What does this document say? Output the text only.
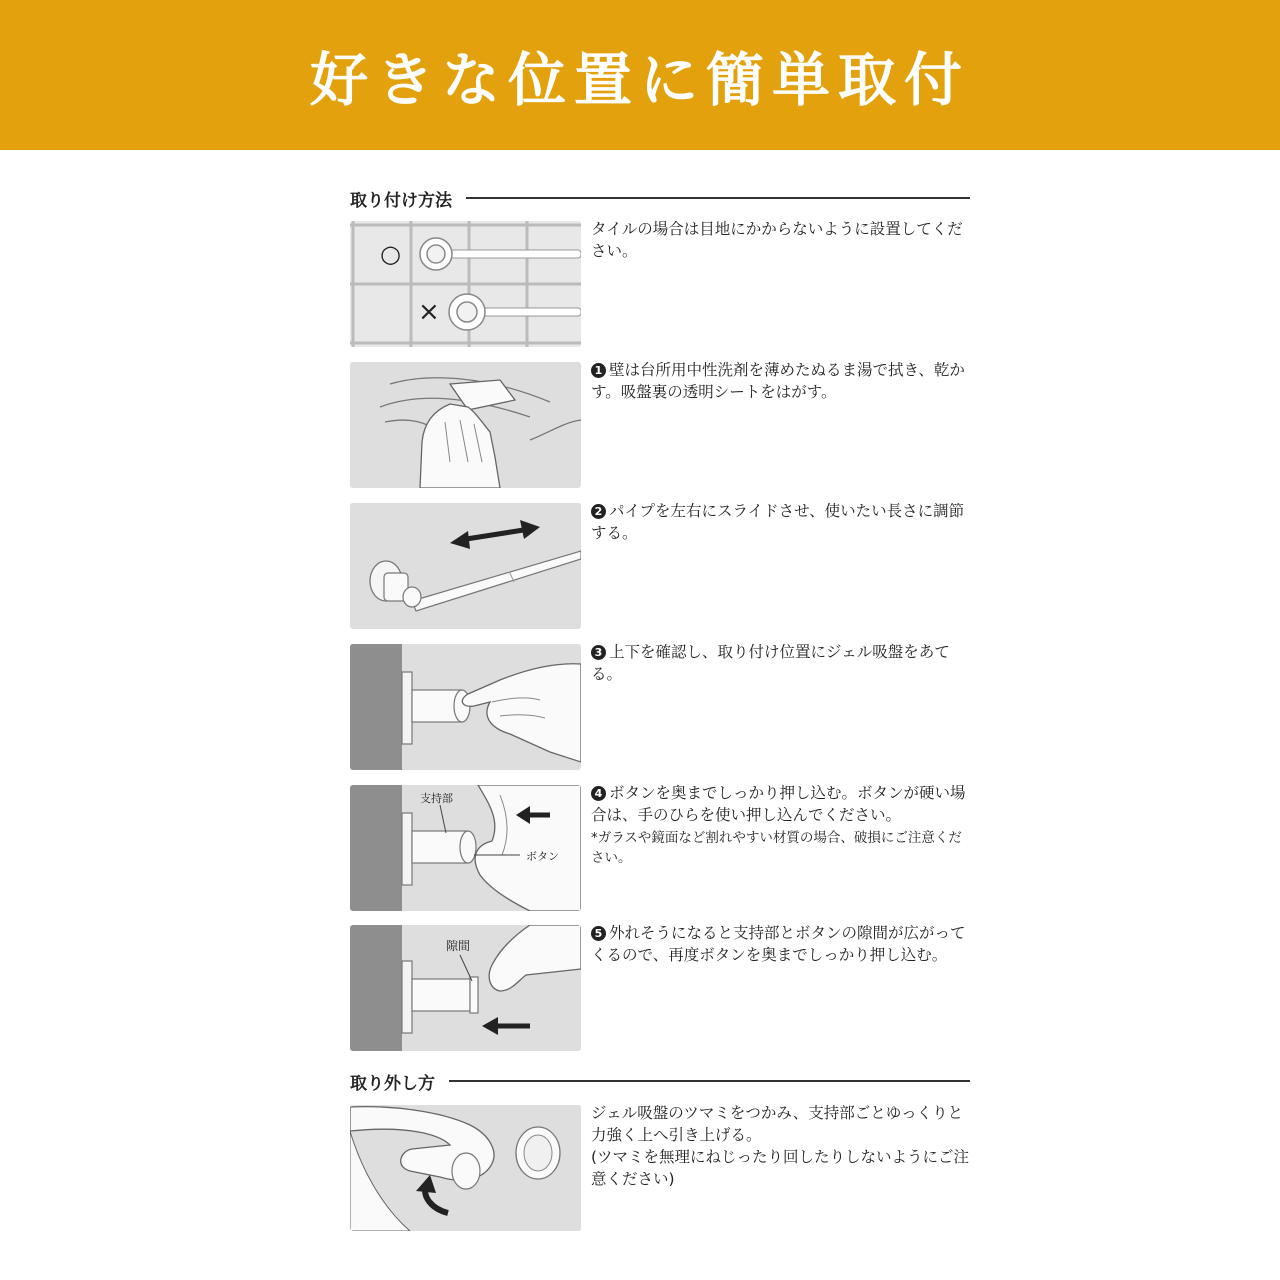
好きな位置に簡単取付
取り付け方法
○
×
タイルの場合は目地にかからないように設置してください。
1 壁は台所用中性洗剤を薄めたぬるま湯で拭き、乾かす。吸盤裏の透明シートをはがす。
2 パイプを左右にスライドさせ、使いたい長さに調節する。
3 上下を確認し、取り付け位置にジェル吸盤をあてる。
支持部
ボタン
4 ボタンを奥までしっかり押し込む。ボタンが硬い場合は、手のひらを使い押し込んでください。
*ガラスや鏡面など割れやすい材質の場合、破損にご注意ください。
隙間
5 外れそうになると支持部とボタンの隙間が広がってくるので、再度ボタンを奥までしっかり押し込む。
取り外し方
ジェル吸盤のツマミをつかみ、支持部ごとゆっくりと力強く上へ引き上げる。
(ツマミを無理にねじったり回したりしないようにご注意ください)
